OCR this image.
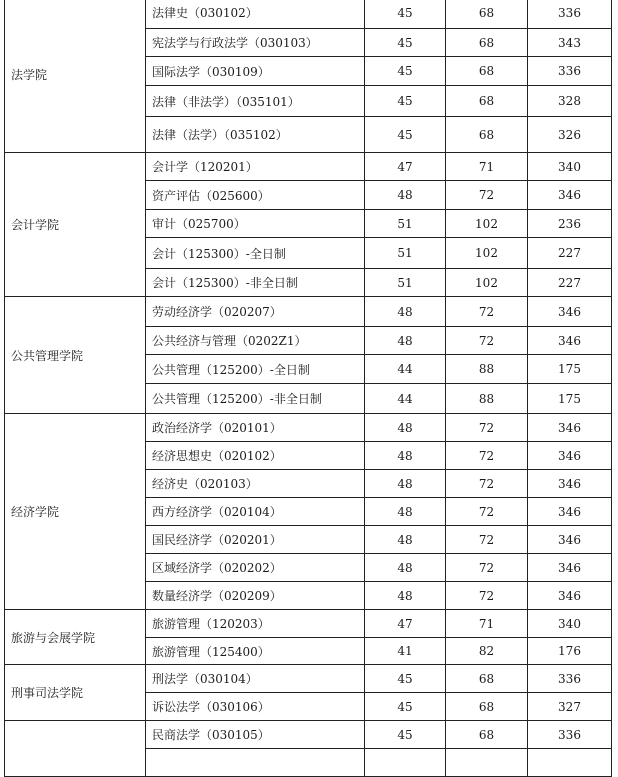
法学院	法律史（030102）	45	68	336
	宪法学与行政法学（030103）	45	68	343
	国际法学（030109）	45	68	336
	法律（非法学）（035101）	45	68	328
	法律（法学）（035102）	45	68	326
会计学院	会计学（120201）	47	71	340
	资产评估（025600）	48	72	346
	审计（025700）	51	102	236
	会计（125300）-全日制	51	102	227
	会计（125300）-非全日制	51	102	227
公共管理学院	劳动经济学（020207）	48	72	346
	公共经济与管理（0202Z1）	48	72	346
	公共管理（125200）-全日制	44	88	175
	公共管理（125200）-非全日制	44	88	175
经济学院	政治经济学（020101）	48	72	346
	经济思想史（020102）	48	72	346
	经济史（020103）	48	72	346
	西方经济学（020104）	48	72	346
	国民经济学（020201）	48	72	346
	区域经济学（020202）	48	72	346
	数量经济学（020209）	48	72	346
旅游与会展学院	旅游管理（120203）	47	71	340
	旅游管理（125400）	41	82	176
刑事司法学院	刑法学（030104）	45	68	336
	诉讼法学（030106）	45	68	327
	民商法学（030105）	45	68	336
